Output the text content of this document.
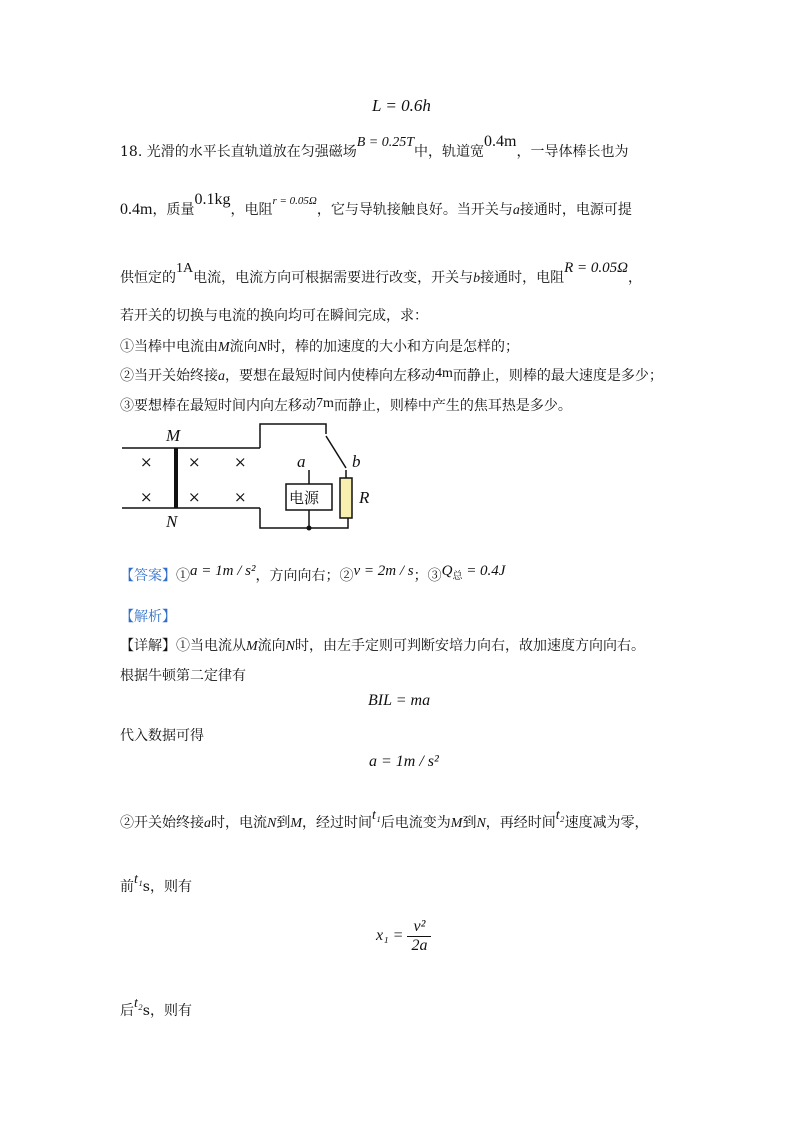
L = 0.6h
18. 光滑的水平长直轨道放在匀强磁场B = 0.25T中，轨道宽0.4m，一导体棒长也为
0.4m，质量0.1kg，电阻$^{r = 0.05\Omega}$，它与导轨接触良好。当开关与a接通时，电源可提
供恒定的1A电流，电流方向可根据需要进行改变，开关与b接通时，电阻R = 0.05Ω，
若开关的切换与电流的换向均可在瞬间完成，求：
①当棒中电流由M流向N时，棒的加速度的大小和方向是怎样的；
②当开关始终接a，要想在最短时间内使棒向左移动4m而静止，则棒的最大速度是多少；
③要想棒在最短时间内向左移动7m而静止，则棒中产生的焦耳热是多少。
M
N
a	b
R
电源
× × ×
× × ×
【答案】①a = 1m / s²，方向向右；②v = 2m / s；$③Q_总 = 0.4J$
【解析】
【详解】①当电流从M流向N时，由左手定则可判断安培力向右，故加速度方向向右。
根据牛顿第二定律有
BIL = ma
代入数据可得
a = 1m / s²
②开关始终接a时，电流N到M，经过时间t₁后电流变为M到N，再经时间t₂速度减为零，
前t₁s，则有
$x_1 = \frac{\text{v²}}{2a}$
后t₂s，则有
